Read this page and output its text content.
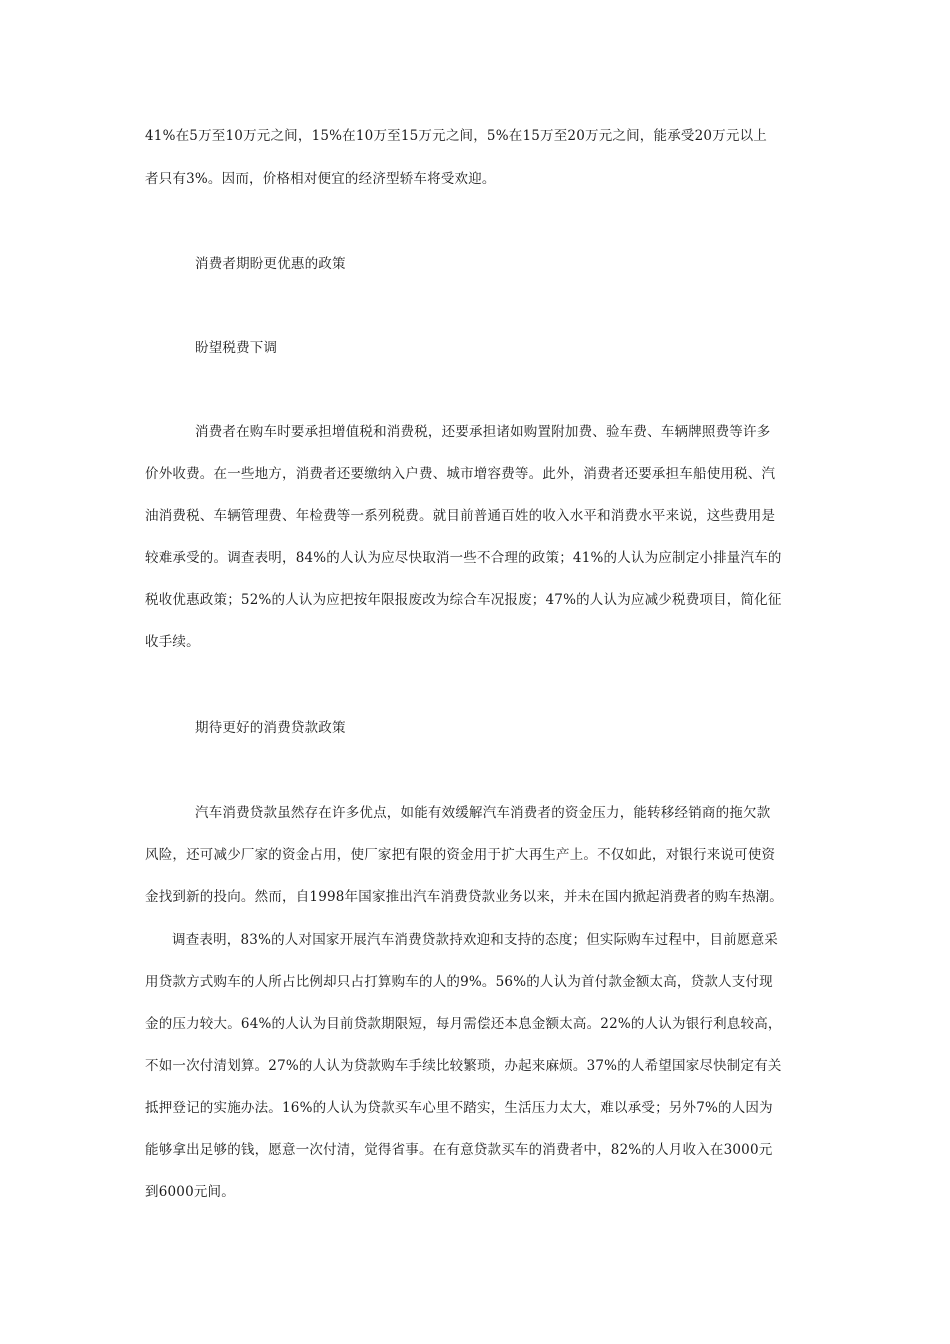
41%在5万至10万元之间，15%在10万至15万元之间，5%在15万至20万元之间，能承受20万元以上
者只有3%。因而，价格相对便宜的经济型轿车将受欢迎。
消费者期盼更优惠的政策
盼望税费下调
消费者在购车时要承担增值税和消费税，还要承担诸如购置附加费、验车费、车辆牌照费等许多
价外收费。在一些地方，消费者还要缴纳入户费、城市增容费等。此外，消费者还要承担车船使用税、汽
油消费税、车辆管理费、年检费等一系列税费。就目前普通百姓的收入水平和消费水平来说，这些费用是
较难承受的。调查表明，84%的人认为应尽快取消一些不合理的政策；41%的人认为应制定小排量汽车的
税收优惠政策；52%的人认为应把按年限报废改为综合车况报废；47%的人认为应减少税费项目，简化征
收手续。
期待更好的消费贷款政策
汽车消费贷款虽然存在许多优点，如能有效缓解汽车消费者的资金压力，能转移经销商的拖欠款
风险，还可减少厂家的资金占用，使厂家把有限的资金用于扩大再生产上。不仅如此，对银行来说可使资
金找到新的投向。然而，自1998年国家推出汽车消费贷款业务以来，并未在国内掀起消费者的购车热潮。
调查表明，83%的人对国家开展汽车消费贷款持欢迎和支持的态度；但实际购车过程中，目前愿意采
用贷款方式购车的人所占比例却只占打算购车的人的9%。56%的人认为首付款金额太高，贷款人支付现
金的压力较大。64%的人认为目前贷款期限短，每月需偿还本息金额太高。22%的人认为银行利息较高，
不如一次付清划算。27%的人认为贷款购车手续比较繁琐，办起来麻烦。37%的人希望国家尽快制定有关
抵押登记的实施办法。16%的人认为贷款买车心里不踏实，生活压力太大，难以承受；另外7%的人因为
能够拿出足够的钱，愿意一次付清，觉得省事。在有意贷款买车的消费者中，82%的人月收入在3000元
到6000元间。
